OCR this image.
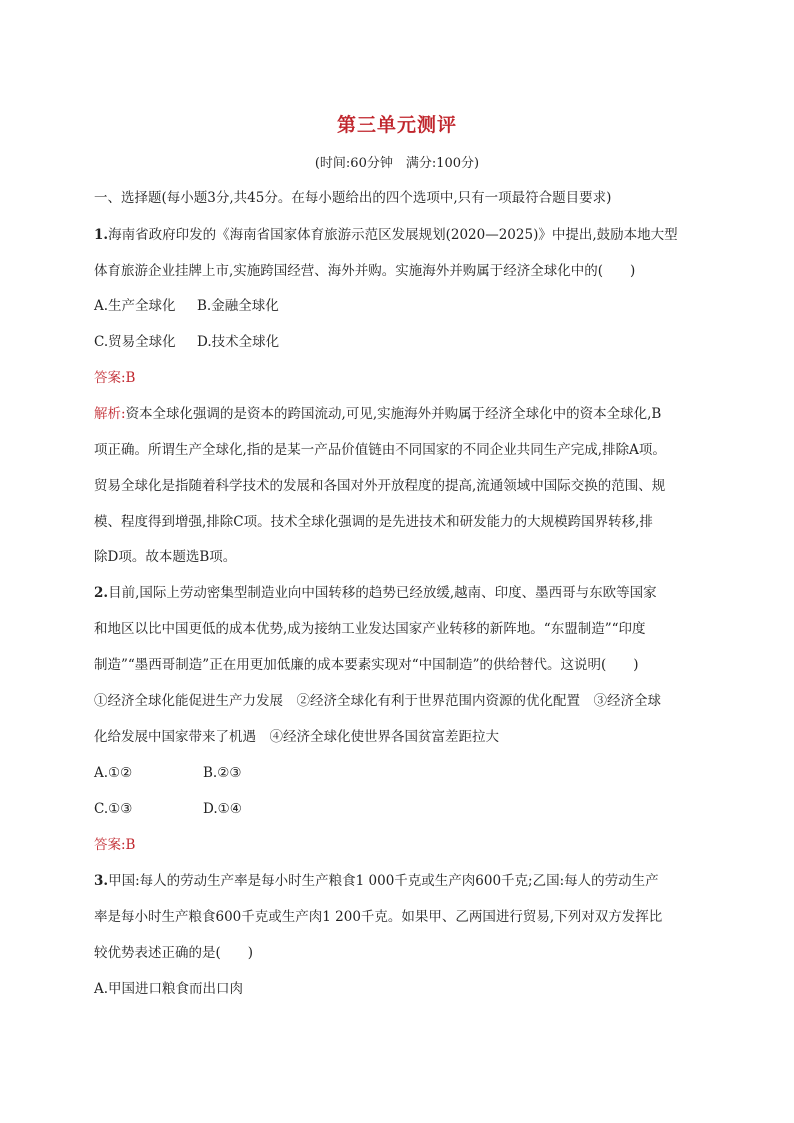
第三单元测评
(时间:60分钟　满分:100分)
一、选择题(每小题3分,共45分。在每小题给出的四个选项中,只有一项最符合题目要求)
1.海南省政府印发的《海南省国家体育旅游示范区发展规划(2020—2025)》中提出,鼓励本地大型
体育旅游企业挂牌上市,实施跨国经营、海外并购。实施海外并购属于经济全球化中的(　　)
A.生产全球化 B.金融全球化
C.贸易全球化 D.技术全球化
答案:B
解析:资本全球化强调的是资本的跨国流动,可见,实施海外并购属于经济全球化中的资本全球化,B
项正确。所谓生产全球化,指的是某一产品价值链由不同国家的不同企业共同生产完成,排除A项。
贸易全球化是指随着科学技术的发展和各国对外开放程度的提高,流通领域中国际交换的范围、规
模、程度得到增强,排除C项。技术全球化强调的是先进技术和研发能力的大规模跨国界转移,排
除D项。故本题选B项。
2.目前,国际上劳动密集型制造业向中国转移的趋势已经放缓,越南、印度、墨西哥与东欧等国家
和地区以比中国更低的成本优势,成为接纳工业发达国家产业转移的新阵地。“东盟制造”“印度
制造”“墨西哥制造”正在用更加低廉的成本要素实现对“中国制造”的供给替代。这说明(　　)
①经济全球化能促进生产力发展　②经济全球化有利于世界范围内资源的优化配置　③经济全球
化给发展中国家带来了机遇　④经济全球化使世界各国贫富差距拉大
A.①②	B.②③
C.①③	D.①④
答案:B
3.甲国:每人的劳动生产率是每小时生产粮食1 000千克或生产肉600千克;乙国:每人的劳动生产
率是每小时生产粮食600千克或生产肉1 200千克。如果甲、乙两国进行贸易,下列对双方发挥比
较优势表述正确的是(　　)
A.甲国进口粮食而出口肉
